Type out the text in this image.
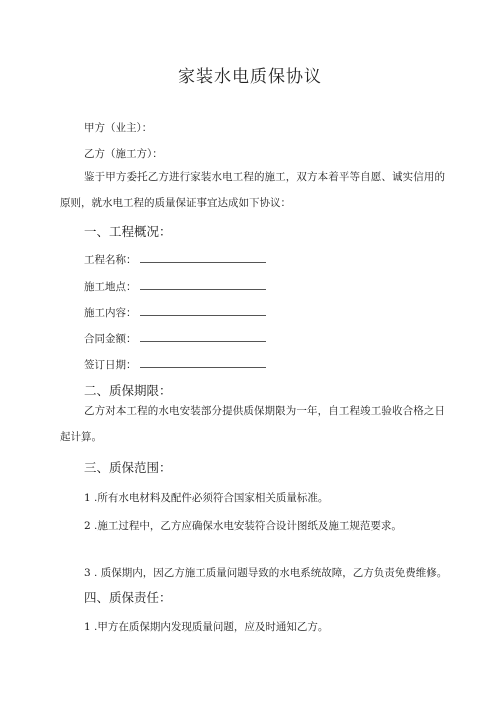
家装水电质保协议
甲方（业主）：
乙方（施工方）：
鉴于甲方委托乙方进行家装水电工程的施工，双方本着平等自愿、诚实信用的原则，就水电工程的质量保证事宜达成如下协议：
一、工程概况：
工程名称：
施工地点：
施工内容：
合同金额：
签订日期：
二、质保期限：
乙方对本工程的水电安装部分提供质保期限为一年，自工程竣工验收合格之日起计算。
三、质保范围：
1 .所有水电材料及配件必须符合国家相关质量标准。
2 .施工过程中，乙方应确保水电安装符合设计图纸及施工规范要求。
3 . 质保期内，因乙方施工质量问题导致的水电系统故障，乙方负责免费维修。
四、质保责任：
1 .甲方在质保期内发现质量问题，应及时通知乙方。
